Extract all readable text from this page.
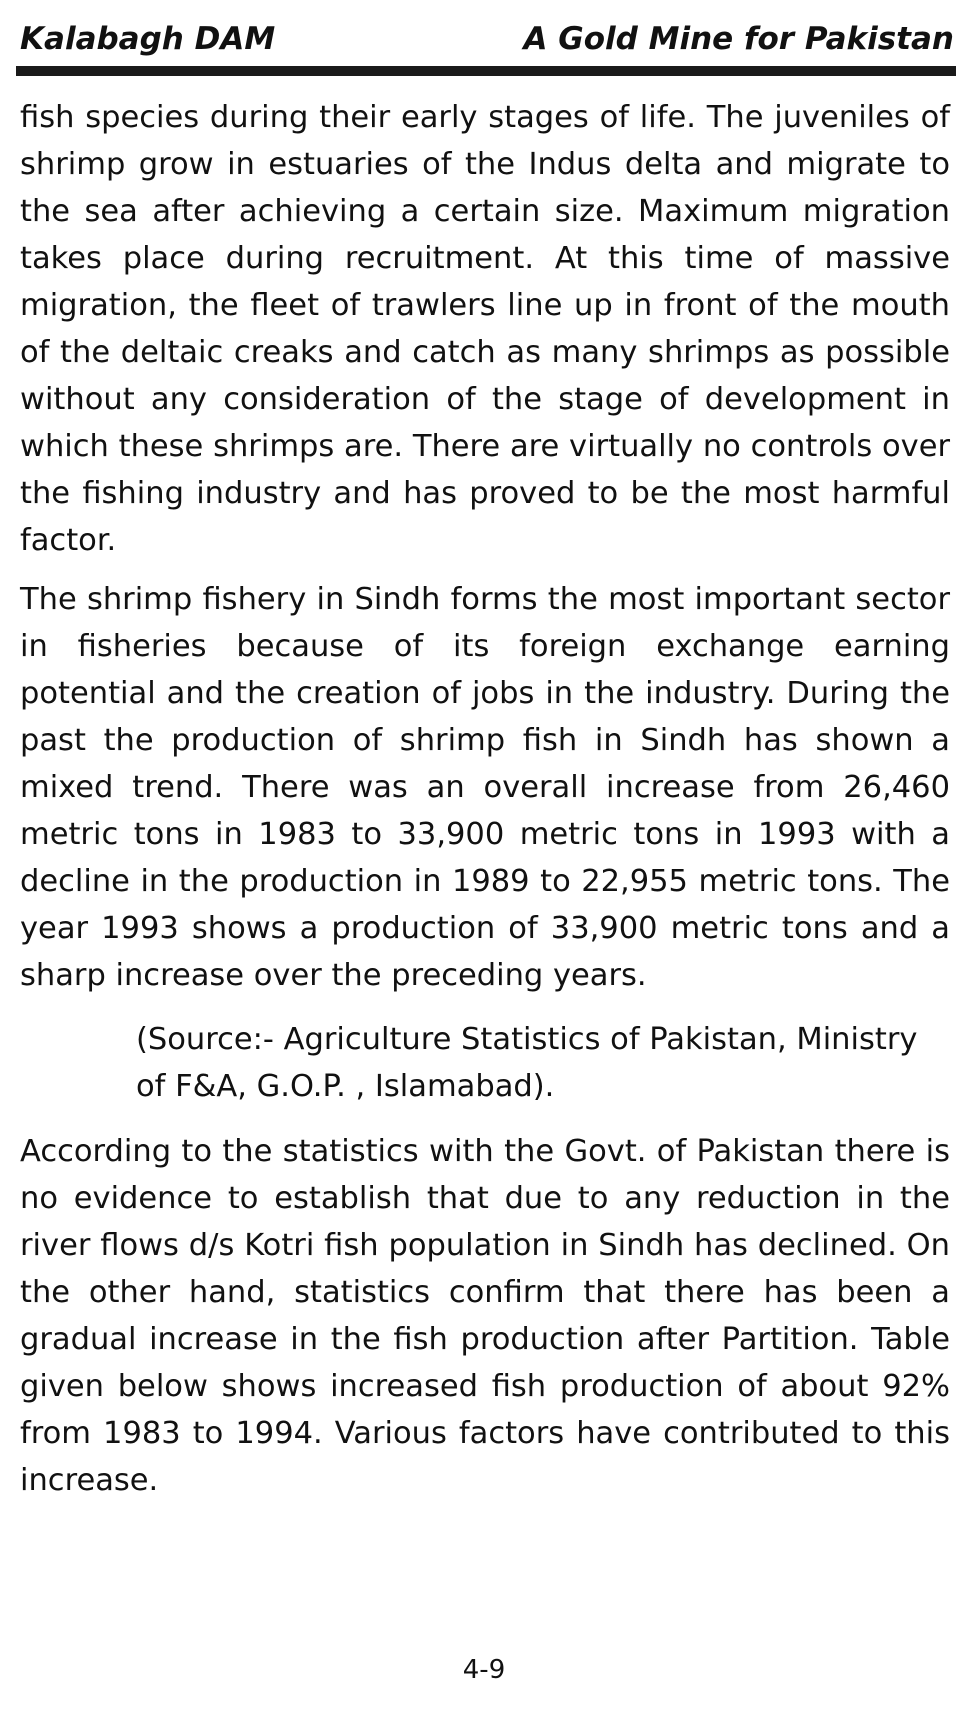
Kalabagh DAM	A Gold Mine for Pakistan

fish species during their early stages of life. The juveniles of shrimp grow in estuaries of the Indus delta and migrate to the sea after achieving a certain size. Maximum migration takes place during recruitment. At this time of massive migration, the fleet of trawlers line up in front of the mouth of the deltaic creaks and catch as many shrimps as possible without any consideration of the stage of development in which these shrimps are. There are virtually no controls over the fishing industry and has proved to be the most harmful factor.

The shrimp fishery in Sindh forms the most important sector in fisheries because of its foreign exchange earning potential and the creation of jobs in the industry. During the past the production of shrimp fish in Sindh has shown a mixed trend. There was an overall increase from 26,460 metric tons in 1983 to 33,900 metric tons in 1993 with a decline in the production in 1989 to 22,955 metric tons. The year 1993 shows a production of 33,900 metric tons and a sharp increase over the preceding years.

(Source:- Agriculture Statistics of Pakistan, Ministry of F&A, G.O.P. , Islamabad).

According to the statistics with the Govt. of Pakistan there is no evidence to establish that due to any reduction in the river flows d/s Kotri fish population in Sindh has declined. On the other hand, statistics confirm that there has been a gradual increase in the fish production after Partition. Table given below shows increased fish production of about 92% from 1983 to 1994. Various factors have contributed to this increase.

4-9
